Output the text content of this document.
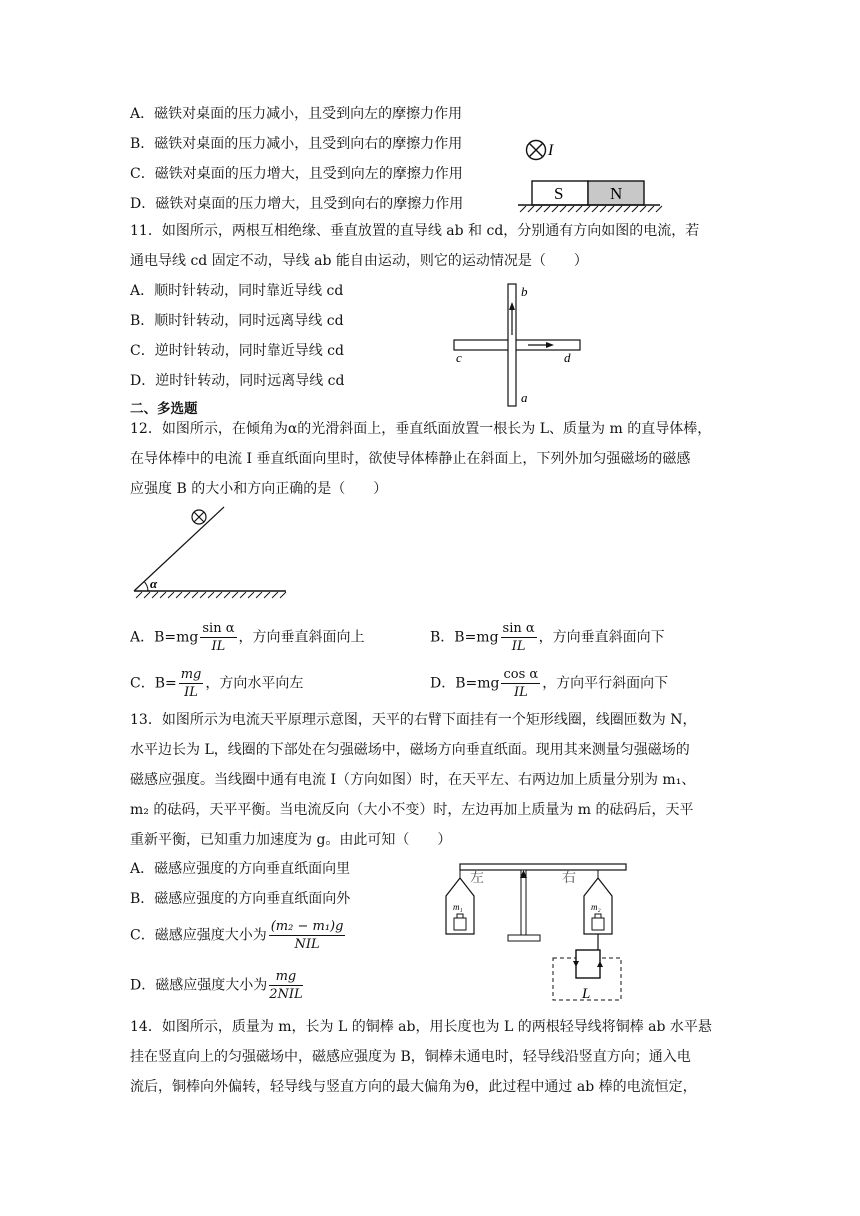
A．磁铁对桌面的压力减小，且受到向左的摩擦力作用
B．磁铁对桌面的压力减小，且受到向右的摩擦力作用
C．磁铁对桌面的压力增大，且受到向左的摩擦力作用
D．磁铁对桌面的压力增大，且受到向右的摩擦力作用
I
S	N
11．如图所示，两根互相绝缘、垂直放置的直导线 ab 和 cd，分别通有方向如图的电流，若
通电导线 cd 固定不动，导线 ab 能自由运动，则它的运动情况是（　　）
A．顺时针转动，同时靠近导线 cd
B．顺时针转动，同时远离导线 cd
C．逆时针转动，同时靠近导线 cd
D．逆时针转动，同时远离导线 cd
b
a
c	d
二、多选题
12．如图所示，在倾角为α的光滑斜面上，垂直纸面放置一根长为 L、质量为 m 的直导体棒，
在导体棒中的电流 I 垂直纸面向里时，欲使导体棒静止在斜面上，下列外加匀强磁场的磁感
应强度 B 的大小和方向正确的是（　　）
α
A．$B=mg \frac{\text{sin α}}{IL}$ ，方向垂直斜面向上	B．$B=mg \frac{\text{sin α}}{IL}$ ，方向垂直斜面向下
C．$B= \frac{mg}{IL}$ ，方向水平向左	D．$B=mg \frac{\text{cos α}}{IL}$ ，方向平行斜面向下
13．如图所示为电流天平原理示意图，天平的右臂下面挂有一个矩形线圈，线圈匝数为 N，
水平边长为 L，线圈的下部处在匀强磁场中，磁场方向垂直纸面。现用其来测量匀强磁场的
磁感应强度。当线圈中通有电流 I（方向如图）时，在天平左、右两边加上质量分别为 m₁、
m₂ 的砝码，天平平衡。当电流反向（大小不变）时，左边再加上质量为 m 的砝码后，天平
重新平衡，已知重力加速度为 g。由此可知（　　）
A．磁感应强度的方向垂直纸面向里
B．磁感应强度的方向垂直纸面向外
C．磁感应强度大小为 $\frac{\text{(m₂ − m₁)g}}{\text{NIL}}$
D．磁感应强度大小为 $\frac{mg}{\text{2NIL}}$
左	右
m₁	m₂
L
14．如图所示，质量为 m，长为 L 的铜棒 ab，用长度也为 L 的两根轻导线将铜棒 ab 水平悬
挂在竖直向上的匀强磁场中，磁感应强度为 B，铜棒未通电时，轻导线沿竖直方向；通入电
流后，铜棒向外偏转，轻导线与竖直方向的最大偏角为θ，此过程中通过 ab 棒的电流恒定，
